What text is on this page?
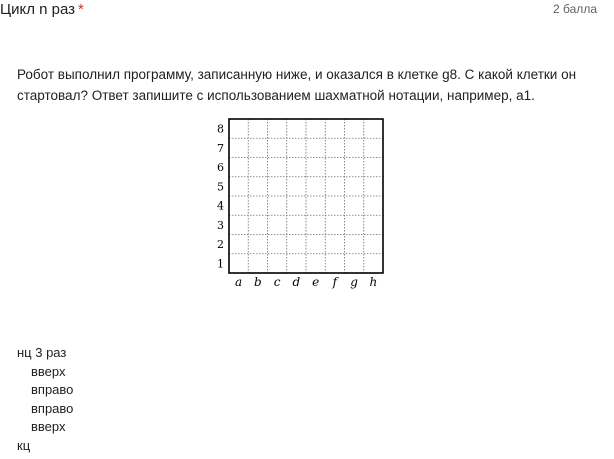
Цикл n раз *	2 балла
Робот выполнил программу, записанную ниже, и оказался в клетке g8. С какой клетки он стартовал? Ответ запишите с использованием шахматной нотации, например, а1.
1
2
3
4
5
6
7
8
a b c d e f g h
нц 3 раз
вверх
вправо
вправо
вверх
кц
